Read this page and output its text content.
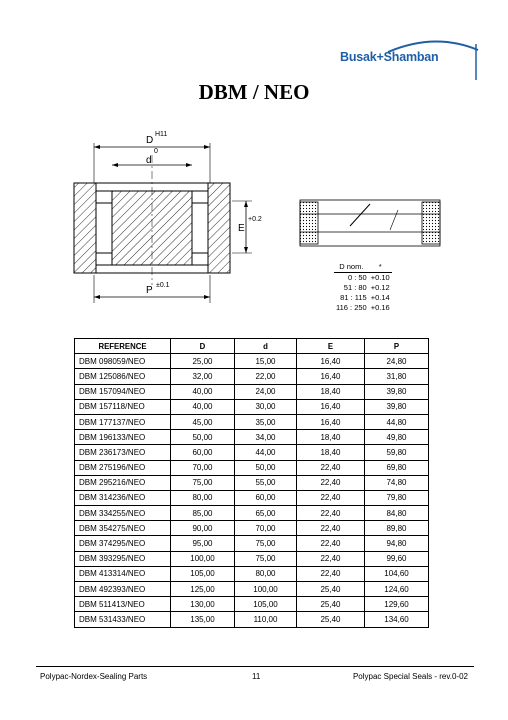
Busak+Shamban
DBM / NEO
D
H11
d
0
E
+0.2
P ±0.1
D nom.	*
0 : 50	+0.10
51 : 80	+0.12
81 : 115	+0.14
116 : 250	+0.16
REFERENCE	D	d	E	P
DBM 098059/NEO	25,00	15,00	16,40	24,80
DBM 125086/NEO	32,00	22,00	16,40	31,80
DBM 157094/NEO	40,00	24,00	18,40	39,80
DBM 157118/NEO	40,00	30,00	16,40	39,80
DBM 177137/NEO	45,00	35,00	16,40	44,80
DBM 196133/NEO	50,00	34,00	18,40	49,80
DBM 236173/NEO	60,00	44,00	18,40	59,80
DBM 275196/NEO	70,00	50,00	22,40	69,80
DBM 295216/NEO	75,00	55,00	22,40	74,80
DBM 314236/NEO	80,00	60,00	22,40	79,80
DBM 334255/NEO	85,00	65,00	22,40	84,80
DBM 354275/NEO	90,00	70,00	22,40	89,80
DBM 374295/NEO	95,00	75,00	22,40	94,80
DBM 393295/NEO	100,00	75,00	22,40	99,60
DBM 413314/NEO	105,00	80,00	22,40	104,60
DBM 492393/NEO	125,00	100,00	25,40	124,60
DBM 511413/NEO	130,00	105,00	25,40	129,60
DBM 531433/NEO	135,00	110,00	25,40	134,60
Polypac-Nordex-Sealing Parts	11	Polypac Special Seals - rev.0-02
